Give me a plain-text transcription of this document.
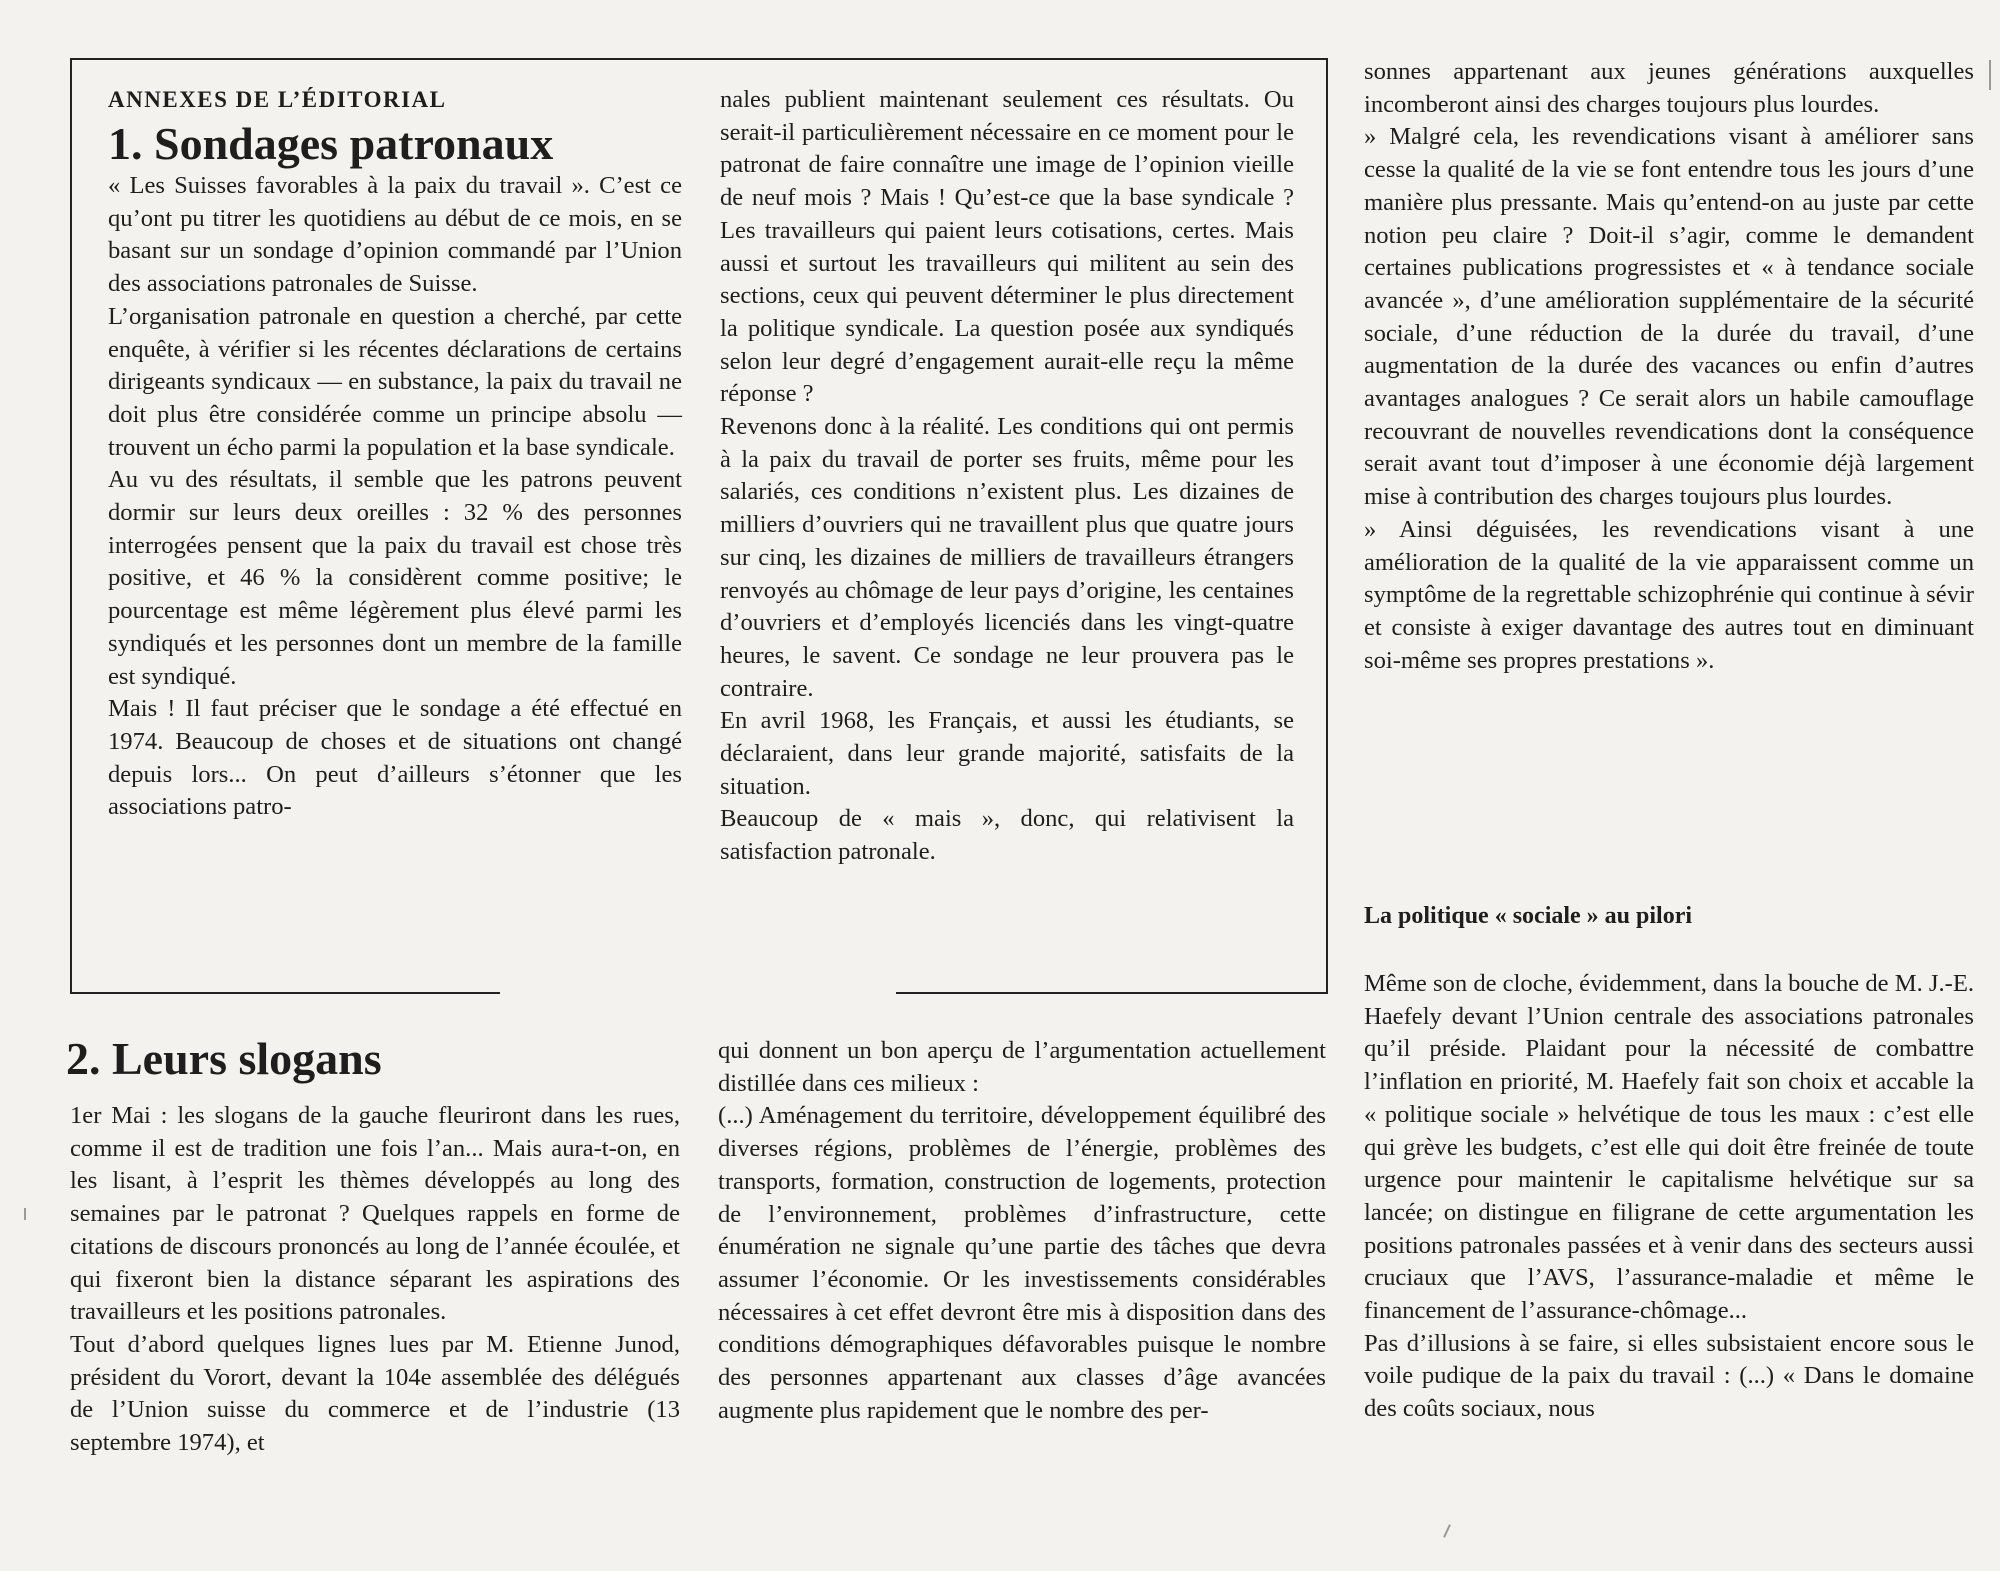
ANNEXES DE L’ÉDITORIAL

1. Sondages patronaux

« Les Suisses favorables à la paix du travail ». C’est ce qu’ont pu titrer les quotidiens au début de ce mois, en se basant sur un sondage d’opinion commandé par l’Union des associations patronales de Suisse.

L’organisation patronale en question a cherché, par cette enquête, à vérifier si les récentes déclarations de certains dirigeants syndicaux — en substance, la paix du travail ne doit plus être considérée comme un principe absolu — trouvent un écho parmi la population et la base syndicale.

Au vu des résultats, il semble que les patrons peuvent dormir sur leurs deux oreilles : 32 % des personnes interrogées pensent que la paix du travail est chose très positive, et 46 % la considèrent comme positive; le pourcentage est même légèrement plus élevé parmi les syndiqués et les personnes dont un membre de la famille est syndiqué.

Mais ! Il faut préciser que le sondage a été effectué en 1974. Beaucoup de choses et de situations ont changé depuis lors... On peut d’ailleurs s’étonner que les associations patro-

nales publient maintenant seulement ces résultats. Ou serait-il particulièrement nécessaire en ce moment pour le patronat de faire connaître une image de l’opinion vieille de neuf mois ? Mais ! Qu’est-ce que la base syndicale ? Les travailleurs qui paient leurs cotisations, certes. Mais aussi et surtout les travailleurs qui militent au sein des sections, ceux qui peuvent déterminer le plus directement la politique syndicale. La question posée aux syndiqués selon leur degré d’engagement aurait-elle reçu la même réponse ?

Revenons donc à la réalité. Les conditions qui ont permis à la paix du travail de porter ses fruits, même pour les salariés, ces conditions n’existent plus. Les dizaines de milliers d’ouvriers qui ne travaillent plus que quatre jours sur cinq, les dizaines de milliers de travailleurs étrangers renvoyés au chômage de leur pays d’origine, les centaines d’ouvriers et d’employés licenciés dans les vingt-quatre heures, le savent. Ce sondage ne leur prouvera pas le contraire.

En avril 1968, les Français, et aussi les étudiants, se déclaraient, dans leur grande majorité, satisfaits de la situation.

Beaucoup de « mais », donc, qui relativisent la satisfaction patronale.

2. Leurs slogans

1er Mai : les slogans de la gauche fleuriront dans les rues, comme il est de tradition une fois l’an... Mais aura-t-on, en les lisant, à l’esprit les thèmes développés au long des semaines par le patronat ? Quelques rappels en forme de citations de discours prononcés au long de l’année écoulée, et qui fixeront bien la distance séparant les aspirations des travailleurs et les positions patronales.

Tout d’abord quelques lignes lues par M. Etienne Junod, président du Vorort, devant la 104e assemblée des délégués de l’Union suisse du commerce et de l’industrie (13 septembre 1974), et

qui donnent un bon aperçu de l’argumentation actuellement distillée dans ces milieux :

(...) Aménagement du territoire, développement équilibré des diverses régions, problèmes de l’énergie, problèmes des transports, formation, construction de logements, protection de l’environnement, problèmes d’infrastructure, cette énumération ne signale qu’une partie des tâches que devra assumer l’économie. Or les investissements considérables nécessaires à cet effet devront être mis à disposition dans des conditions démographiques défavorables puisque le nombre des personnes appartenant aux classes d’âge avancées augmente plus rapidement que le nombre des per-

sonnes appartenant aux jeunes générations auxquelles incomberont ainsi des charges toujours plus lourdes.

» Malgré cela, les revendications visant à améliorer sans cesse la qualité de la vie se font entendre tous les jours d’une manière plus pressante. Mais qu’entend-on au juste par cette notion peu claire ? Doit-il s’agir, comme le demandent certaines publications progressistes et « à tendance sociale avancée », d’une amélioration supplémentaire de la sécurité sociale, d’une réduction de la durée du travail, d’une augmentation de la durée des vacances ou enfin d’autres avantages analogues ? Ce serait alors un habile camouflage recouvrant de nouvelles revendications dont la conséquence serait avant tout d’imposer à une économie déjà largement mise à contribution des charges toujours plus lourdes.

» Ainsi déguisées, les revendications visant à une amélioration de la qualité de la vie apparaissent comme un symptôme de la regrettable schizophrénie qui continue à sévir et consiste à exiger davantage des autres tout en diminuant soi-même ses propres prestations ».

La politique « sociale » au pilori

Même son de cloche, évidemment, dans la bouche de M. J.-E. Haefely devant l’Union centrale des associations patronales qu’il préside. Plaidant pour la nécessité de combattre l’inflation en priorité, M. Haefely fait son choix et accable la « politique sociale » helvétique de tous les maux : c’est elle qui grève les budgets, c’est elle qui doit être freinée de toute urgence pour maintenir le capitalisme helvétique sur sa lancée; on distingue en filigrane de cette argumentation les positions patronales passées et à venir dans des secteurs aussi cruciaux que l’AVS, l’assurance-maladie et même le financement de l’assurance-chômage...

Pas d’illusions à se faire, si elles subsistaient encore sous le voile pudique de la paix du travail : (...) « Dans le domaine des coûts sociaux, nous
